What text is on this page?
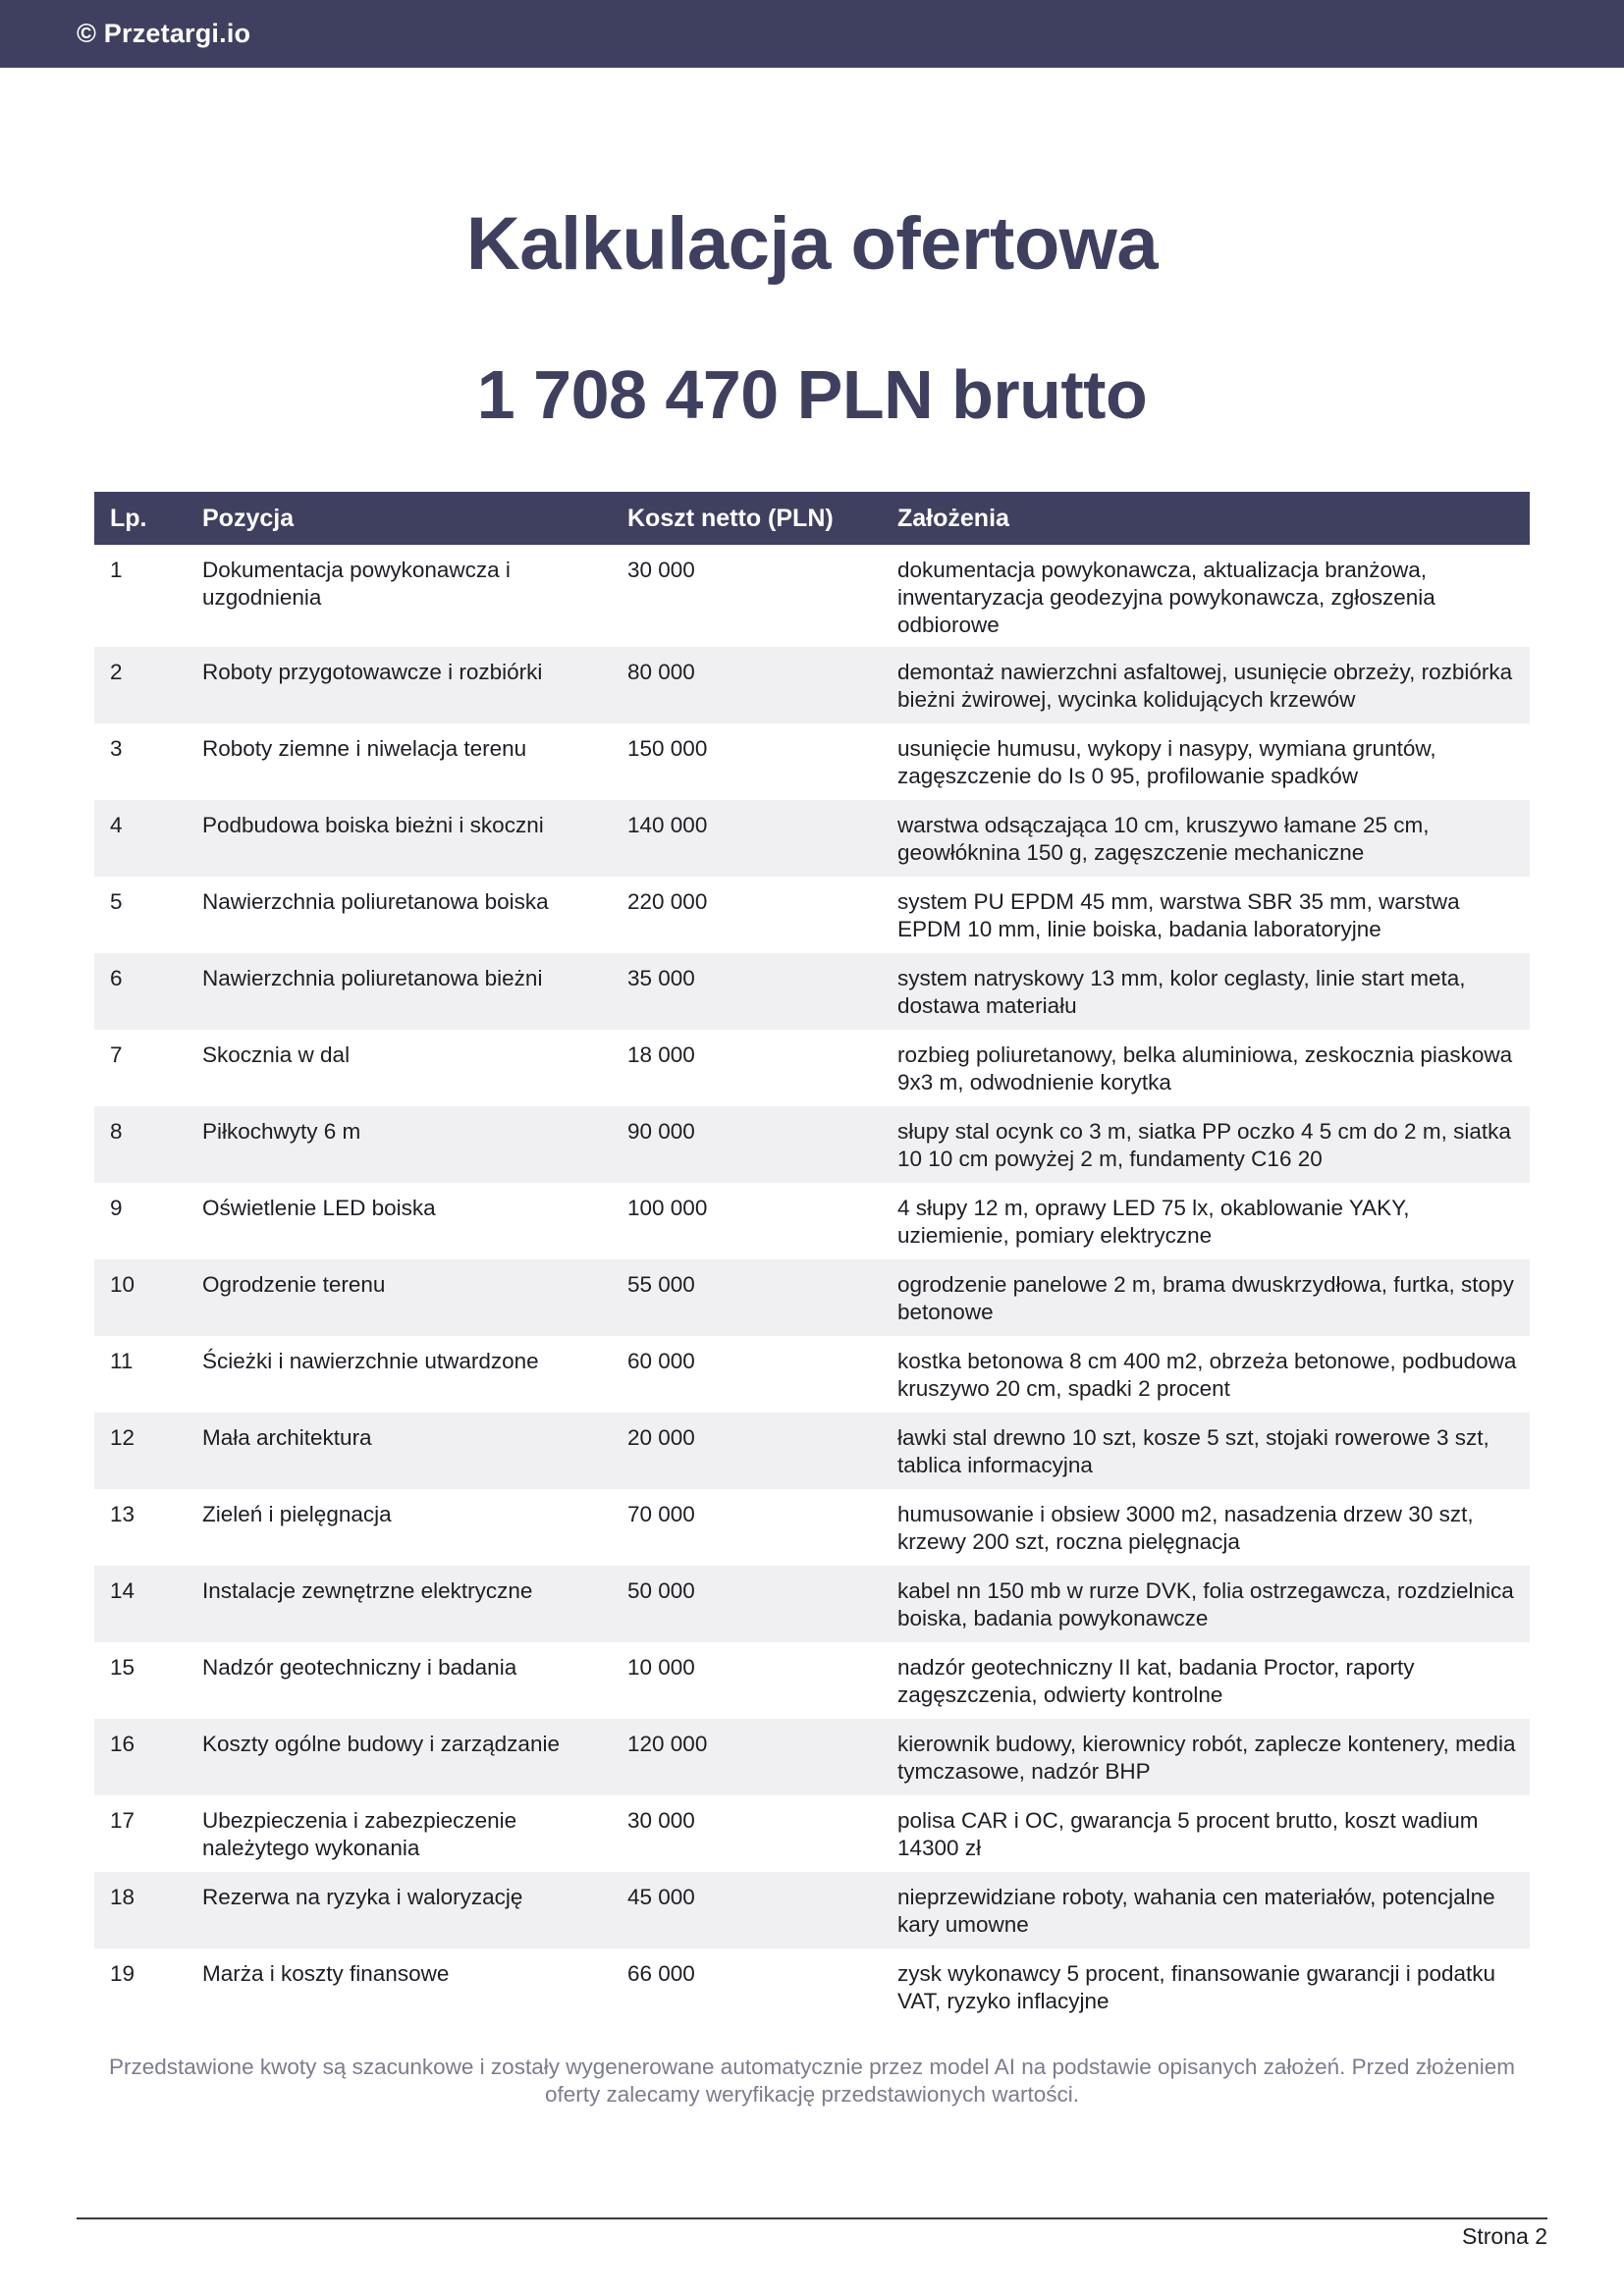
© Przetargi.io
Kalkulacja ofertowa
1 708 470 PLN brutto
Lp.	Pozycja	Koszt netto (PLN)	Założenia
1	Dokumentacja powykonawcza i uzgodnienia	30 000	dokumentacja powykonawcza, aktualizacja branżowa, inwentaryzacja geodezyjna powykonawcza, zgłoszenia odbiorowe
2	Roboty przygotowawcze i rozbiórki	80 000	demontaż nawierzchni asfaltowej, usunięcie obrzeży, rozbiórka bieżni żwirowej, wycinka kolidujących krzewów
3	Roboty ziemne i niwelacja terenu	150 000	usunięcie humusu, wykopy i nasypy, wymiana gruntów, zagęszczenie do Is 0 95, profilowanie spadków
4	Podbudowa boiska bieżni i skoczni	140 000	warstwa odsączająca 10 cm, kruszywo łamane 25 cm, geowłóknina 150 g, zagęszczenie mechaniczne
5	Nawierzchnia poliuretanowa boiska	220 000	system PU EPDM 45 mm, warstwa SBR 35 mm, warstwa EPDM 10 mm, linie boiska, badania laboratoryjne
6	Nawierzchnia poliuretanowa bieżni	35 000	system natryskowy 13 mm, kolor ceglasty, linie start meta, dostawa materiału
7	Skocznia w dal	18 000	rozbieg poliuretanowy, belka aluminiowa, zeskocznia piaskowa 9x3 m, odwodnienie korytka
8	Piłkochwyty 6 m	90 000	słupy stal ocynk co 3 m, siatka PP oczko 4 5 cm do 2 m, siatka 10 10 cm powyżej 2 m, fundamenty C16 20
9	Oświetlenie LED boiska	100 000	4 słupy 12 m, oprawy LED 75 lx, okablowanie YAKY, uziemienie, pomiary elektryczne
10	Ogrodzenie terenu	55 000	ogrodzenie panelowe 2 m, brama dwuskrzydłowa, furtka, stopy betonowe
11	Ścieżki i nawierzchnie utwardzone	60 000	kostka betonowa 8 cm 400 m2, obrzeża betonowe, podbudowa kruszywo 20 cm, spadki 2 procent
12	Mała architektura	20 000	ławki stal drewno 10 szt, kosze 5 szt, stojaki rowerowe 3 szt, tablica informacyjna
13	Zieleń i pielęgnacja	70 000	humusowanie i obsiew 3000 m2, nasadzenia drzew 30 szt, krzewy 200 szt, roczna pielęgnacja
14	Instalacje zewnętrzne elektryczne	50 000	kabel nn 150 mb w rurze DVK, folia ostrzegawcza, rozdzielnica boiska, badania powykonawcze
15	Nadzór geotechniczny i badania	10 000	nadzór geotechniczny II kat, badania Proctor, raporty zagęszczenia, odwierty kontrolne
16	Koszty ogólne budowy i zarządzanie	120 000	kierownik budowy, kierownicy robót, zaplecze kontenery, media tymczasowe, nadzór BHP
17	Ubezpieczenia i zabezpieczenie należytego wykonania	30 000	polisa CAR i OC, gwarancja 5 procent brutto, koszt wadium 14300 zł
18	Rezerwa na ryzyka i waloryzację	45 000	nieprzewidziane roboty, wahania cen materiałów, potencjalne kary umowne
19	Marża i koszty finansowe	66 000	zysk wykonawcy 5 procent, finansowanie gwarancji i podatku VAT, ryzyko inflacyjne
Przedstawione kwoty są szacunkowe i zostały wygenerowane automatycznie przez model AI na podstawie opisanych założeń. Przed złożeniem oferty zalecamy weryfikację przedstawionych wartości.
Strona 2
